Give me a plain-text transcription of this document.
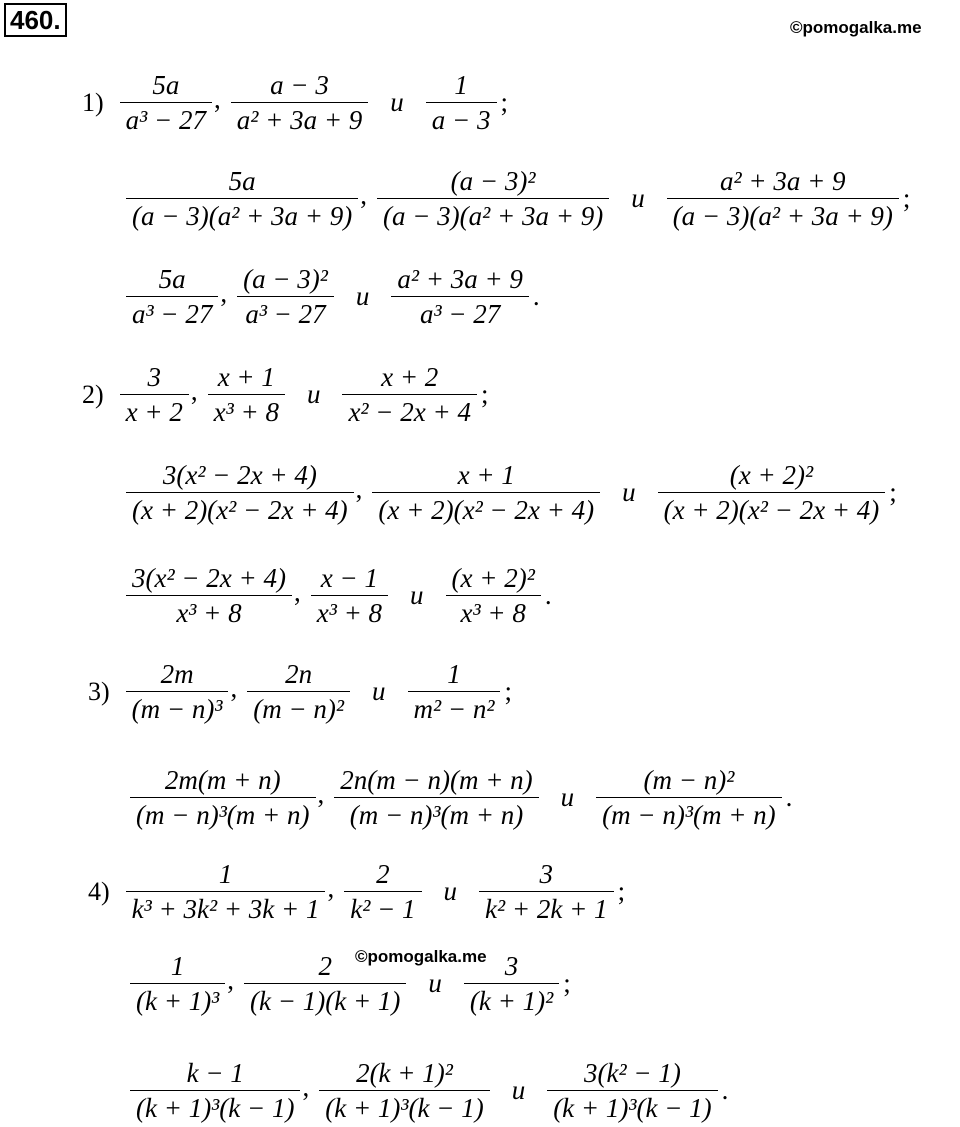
460.	©pomogalka.me
©pomogalka.me
$1) \frac{5a}{\text{a³ − 27}}$ , $\frac{a - 3}{\text{a² + 3a + 9}}$ и $\frac{1}{a - 3}$ ;
$\frac{5a}{\text{(a − 3)(a² + 3a + 9)}}$ , $\frac{\text{(a − 3)²}}{\text{(a − 3)(a² + 3a + 9)}}$ и $\frac{\text{a² + 3a + 9}}{\text{(a − 3)(a² + 3a + 9)}}$ ;
$\frac{5a}{\text{a³ − 27}}$ , $\frac{\text{(a − 3)²}}{\text{a³ − 27}}$ и $\frac{\text{a² + 3a + 9}}{\text{a³ − 27}}$ .
$2) \frac{3}{x + 2}$ , $\frac{x + 1}{\text{x³ + 8}}$ и $\frac{x + 2}{\text{x² − 2x + 4}}$ ;
$\frac{\text{3(x² − 2x + 4)}}{\text{(x + 2)(x² − 2x + 4)}}$ , $\frac{x + 1}{\text{(x + 2)(x² − 2x + 4)}}$ и $\frac{\text{(x + 2)²}}{\text{(x + 2)(x² − 2x + 4)}}$ ;
$\frac{\text{3(x² − 2x + 4)}}{\text{x³ + 8}}$ , $\frac{x - 1}{\text{x³ + 8}}$ и $\frac{\text{(x + 2)²}}{\text{x³ + 8}}$ .
$3) \frac{2m}{\text{(m − n)³}}$ , $\frac{2n}{\text{(m − n)²}}$ и $\frac{1}{\text{m² − n²}}$ ;
$\frac{2m(m + n)}{\text{(m − n)³(m + n)}}$ , $\frac{2n(m - n)(m + n)}{\text{(m − n)³(m + n)}}$ и $\frac{\text{(m − n)²}}{\text{(m − n)³(m + n)}}$ .
$4) \frac{1}{\text{k³ + 3k² + 3k + 1}}$ , $\frac{2}{\text{k² − 1}}$ и $\frac{3}{\text{k² + 2k + 1}}$ ;
$\frac{1}{\text{(k + 1)³}}$ , $\frac{2}{(k - 1)(k + 1)}$ и $\frac{3}{\text{(k + 1)²}}$ ;
$\frac{k - 1}{\text{(k + 1)³(k − 1)}}$ , $\frac{\text{2(k + 1)²}}{\text{(k + 1)³(k − 1)}}$ и $\frac{\text{3(k² − 1)}}{\text{(k + 1)³(k − 1)}}$ .
